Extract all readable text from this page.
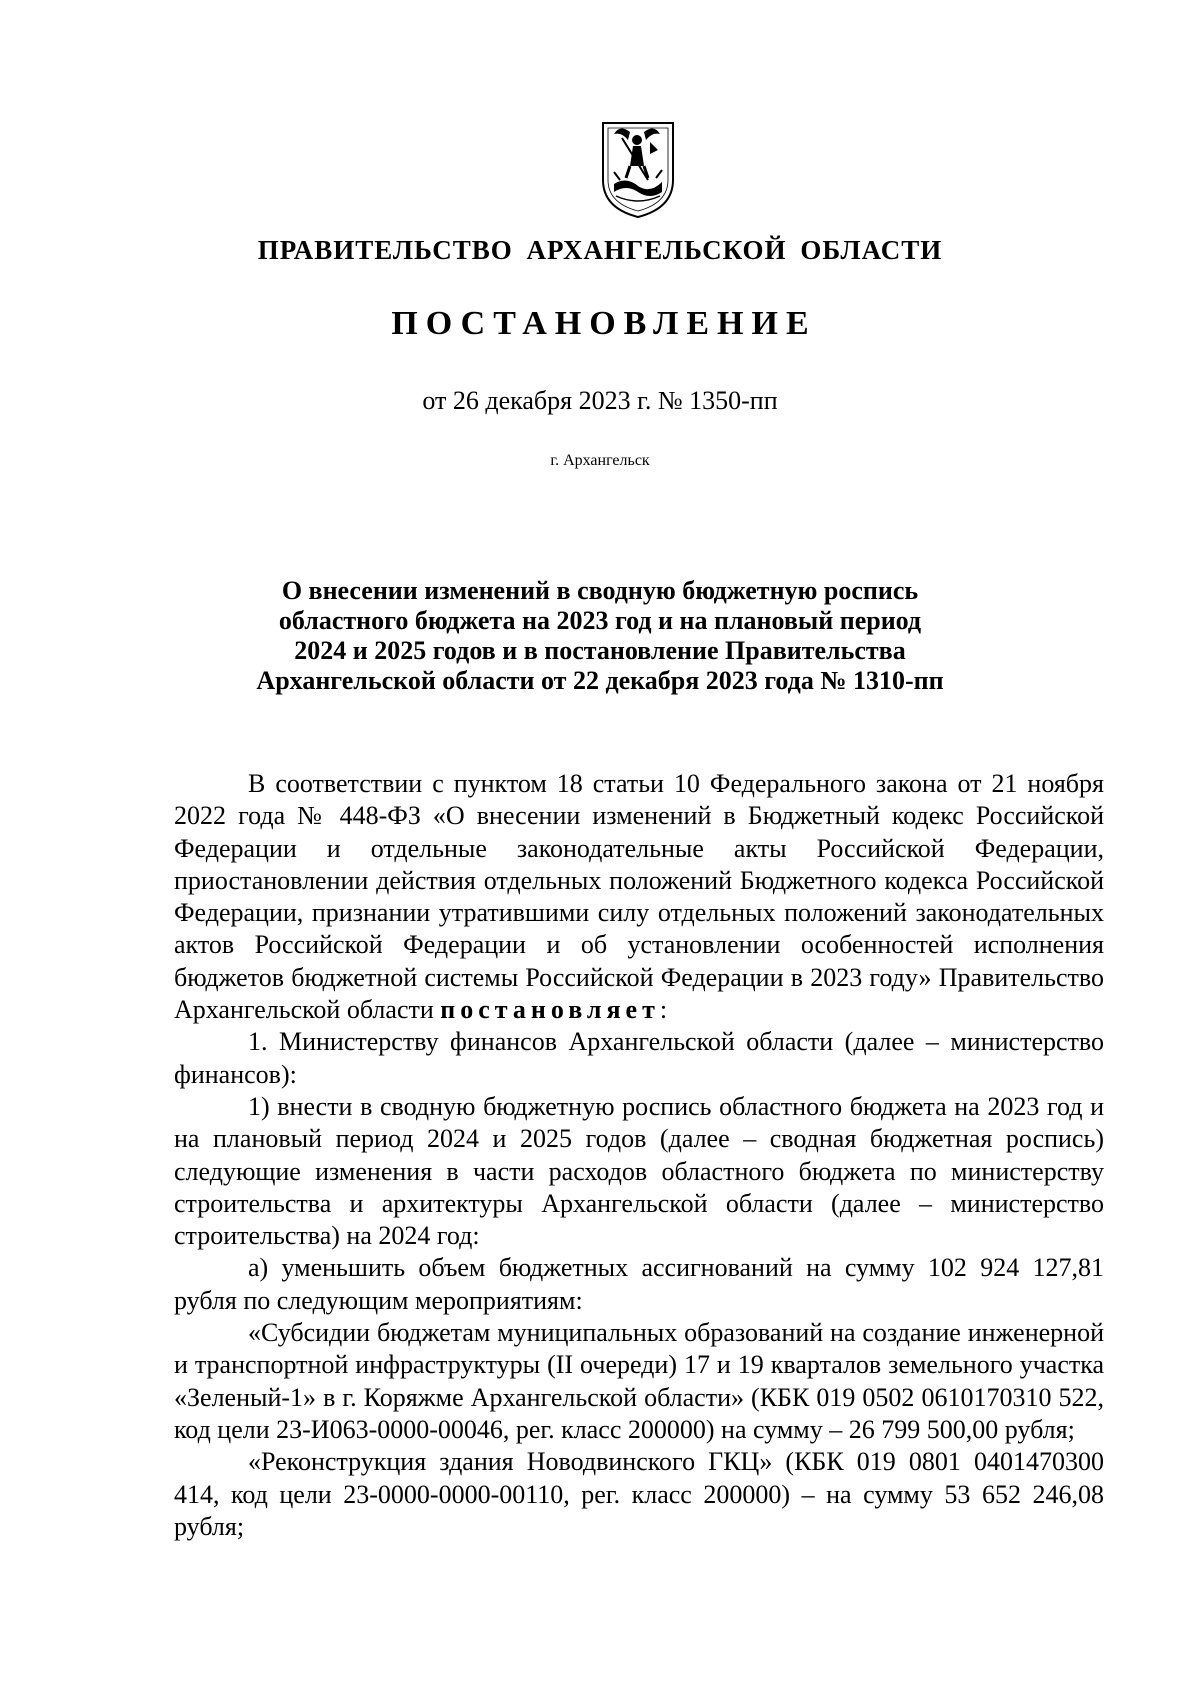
ПРАВИТЕЛЬСТВО АРХАНГЕЛЬСКОЙ ОБЛАСТИ
ПОСТАНОВЛЕНИЕ
от 26 декабря 2023 г. № 1350-пп
г. Архангельск
О внесении изменений в сводную бюджетную роспись
областного бюджета на 2023 год и на плановый период
2024 и 2025 годов и в постановление Правительства
Архангельской области от 22 декабря 2023 года № 1310-пп

В соответствии с пунктом 18 статьи 10 Федерального закона от 21 ноября 2022 года № 448-ФЗ «О внесении изменений в Бюджетный кодекс Российской Федерации и отдельные законодательные акты Российской Федерации, приостановлении действия отдельных положений Бюджетного кодекса Российской Федерации, признании утратившими силу отдельных положений законодательных актов Российской Федерации и об установлении особенностей исполнения бюджетов бюджетной системы Российской Федерации в 2023 году» Правительство Архангельской области постановляет:

1. Министерству финансов Архангельской области (далее – министерство финансов):

1) внести в сводную бюджетную роспись областного бюджета на 2023 год и на плановый период 2024 и 2025 годов (далее – сводная бюджетная роспись) следующие изменения в части расходов областного бюджета по министерству строительства и архитектуры Архангельской области (далее – министерство строительства) на 2024 год:

а) уменьшить объем бюджетных ассигнований на сумму 102 924 127,81 рубля по следующим мероприятиям:

«Субсидии бюджетам муниципальных образований на создание инженерной и транспортной инфраструктуры (II очереди) 17 и 19 кварталов земельного участка «Зеленый-1» в г. Коряжме Архангельской области» (КБК 019 0502 0610170310 522, код цели 23-И063-0000-00046, рег. класс 200000) на сумму – 26 799 500,00 рубля;

«Реконструкция здания Новодвинского ГКЦ» (КБК 019 0801 0401470300 414, код цели 23-0000-0000-00110, рег. класс 200000) – на сумму 53 652 246,08 рубля;
